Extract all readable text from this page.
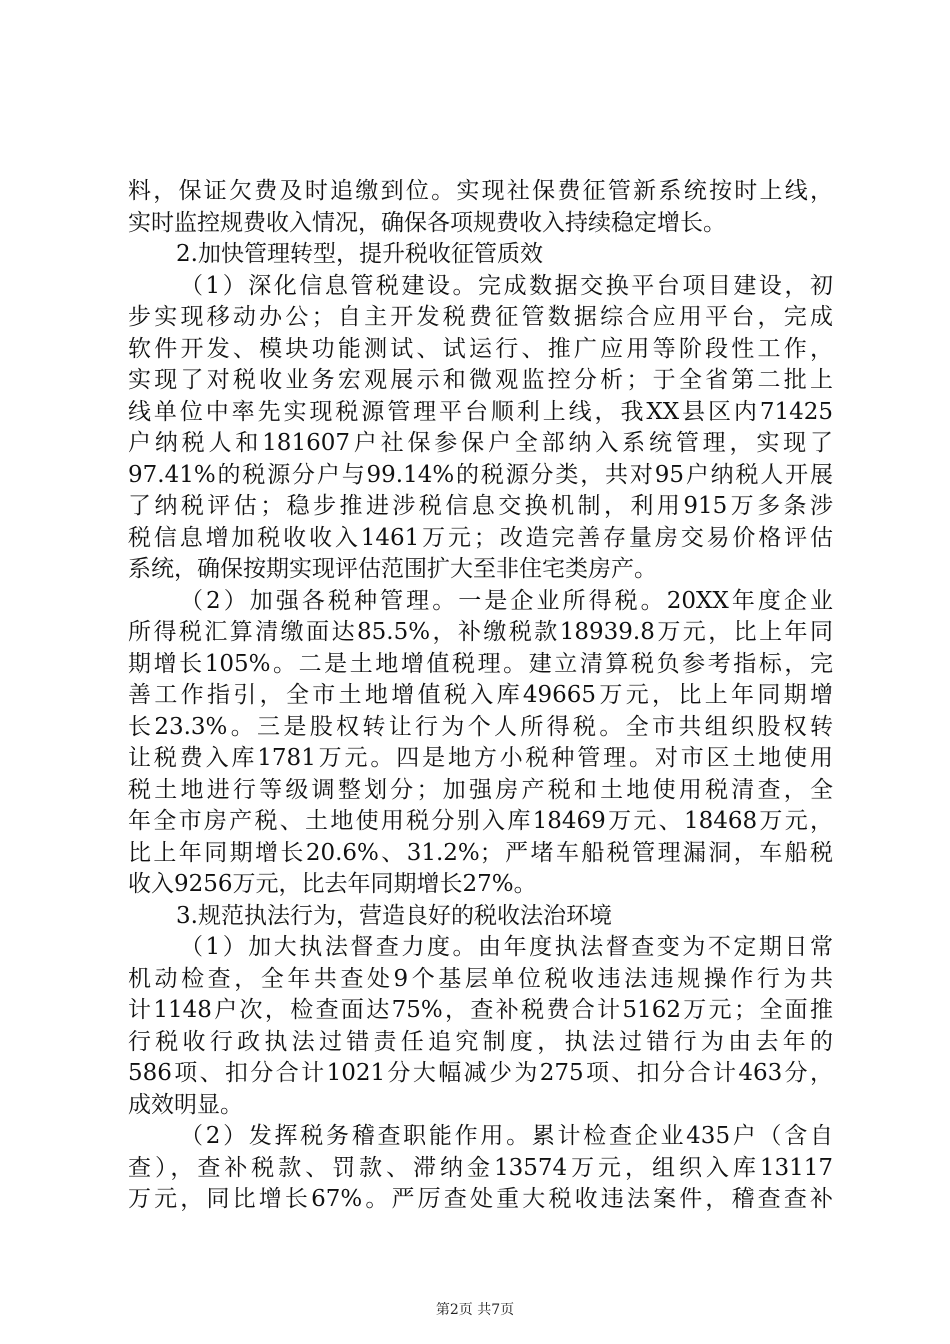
料，保证欠费及时追缴到位。实现社保费征管新系统按时上线，
实时监控规费收入情况，确保各项规费收入持续稳定增长。
2.加快管理转型，提升税收征管质效
（1）深化信息管税建设。完成数据交换平台项目建设，初
步实现移动办公；自主开发税费征管数据综合应用平台，完成
软件开发、模块功能测试、试运行、推广应用等阶段性工作，
实现了对税收业务宏观展示和微观监控分析；于全省第二批上
线单位中率先实现税源管理平台顺利上线，我XX县区内71425
户纳税人和181607户社保参保户全部纳入系统管理，实现了
97.41%的税源分户与99.14%的税源分类，共对95户纳税人开展
了纳税评估；稳步推进涉税信息交换机制，利用915万多条涉
税信息增加税收收入1461万元；改造完善存量房交易价格评估
系统，确保按期实现评估范围扩大至非住宅类房产。
（2）加强各税种管理。一是企业所得税。20XX年度企业
所得税汇算清缴面达85.5%，补缴税款18939.8万元，比上年同
期增长105%。二是土地增值税理。建立清算税负参考指标，完
善工作指引，全市土地增值税入库49665万元，比上年同期增
长23.3%。三是股权转让行为个人所得税。全市共组织股权转
让税费入库1781万元。四是地方小税种管理。对市区土地使用
税土地进行等级调整划分；加强房产税和土地使用税清查，全
年全市房产税、土地使用税分别入库18469万元、18468万元，
比上年同期增长20.6%、31.2%；严堵车船税管理漏洞，车船税
收入9256万元，比去年同期增长27%。
3.规范执法行为，营造良好的税收法治环境
（1）加大执法督查力度。由年度执法督查变为不定期日常
机动检查，全年共查处9个基层单位税收违法违规操作行为共
计1148户次，检查面达75%，查补税费合计5162万元；全面推
行税收行政执法过错责任追究制度，执法过错行为由去年的
586项、扣分合计1021分大幅减少为275项、扣分合计463分，
成效明显。
（2）发挥税务稽查职能作用。累计检查企业435户（含自
查），查补税款、罚款、滞纳金13574万元，组织入库13117
万元，同比增长67%。严厉查处重大税收违法案件，稽查查补
第2页 共7页
